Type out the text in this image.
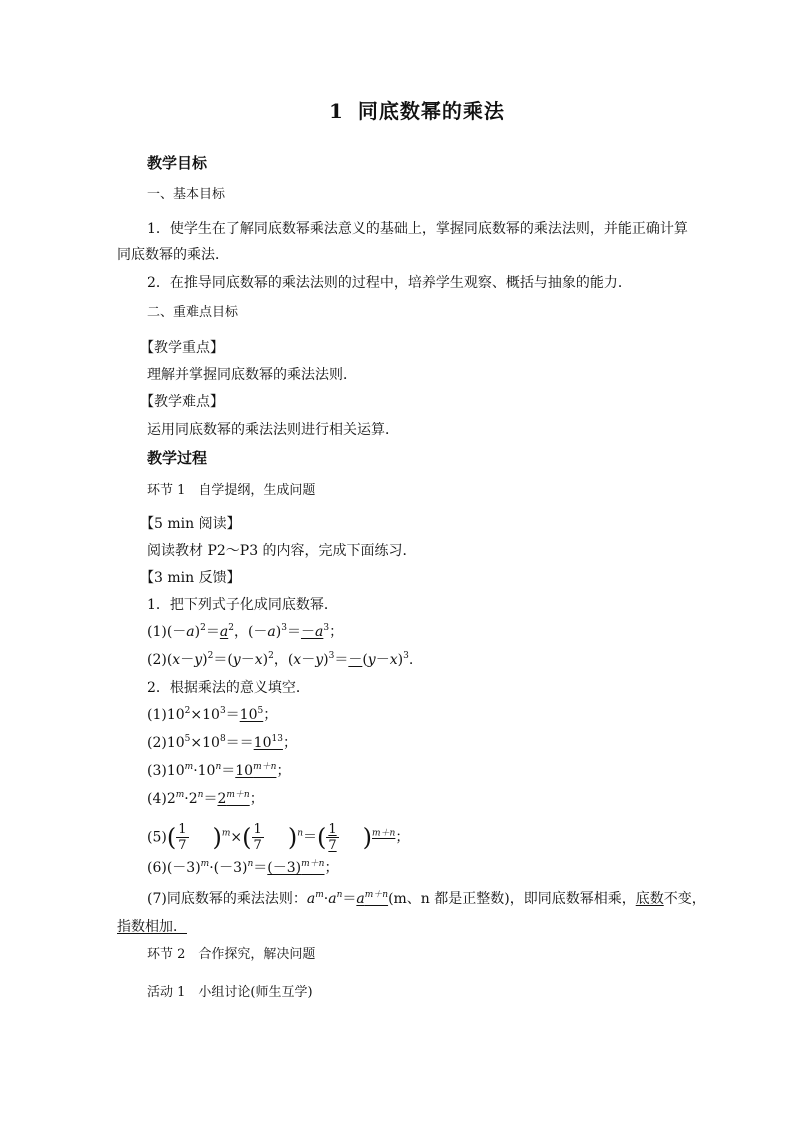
1 同底数幂的乘法
教学目标
一、基本目标
1．使学生在了解同底数幂乘法意义的基础上，掌握同底数幂的乘法法则，并能正确计算
同底数幂的乘法．
2．在推导同底数幂的乘法法则的过程中，培养学生观察、概括与抽象的能力．
二、重难点目标
【教学重点】
理解并掌握同底数幂的乘法法则．
【教学难点】
运用同底数幂的乘法法则进行相关运算．
教学过程
环节 1　自学提纲，生成问题
【5 min 阅读】
阅读教材 P2～P3 的内容，完成下面练习．
【3 min 反馈】
1．把下列式子化成同底数幂．
$(1)(-a)^2=a^2$，$(-a)^3=-a^3$；
$(2)(x-y)^2=(y-x)^2$，$(x-y)^3=-(y-x)^3$.
2．根据乘法的意义填空．
$(1)10^2\times 10^3=10^5$；
$(2)10^5\times 10^8==10^{13}$；
$(3)10^m\cdot 10^n=10^{m+n}$；
$(4)2^m\cdot 2^n=2^{m+n}$；
$(5)( \frac{1}{7} )^m\times( \frac{1}{7} )^n=( \frac{1}{7} )^{m+n}$；
$(6)(-3)^m\cdot(-3)^n=(-3)^{m+n}$；
(7)同底数幂的乘法法则：$a^m\cdot a^n=a^{m+n}(m$、n 都是正整数)，即同底数幂相乘，底数不变，
指数相加．
环节 2　合作探究，解决问题
活动 1　小组讨论(师生互学)
